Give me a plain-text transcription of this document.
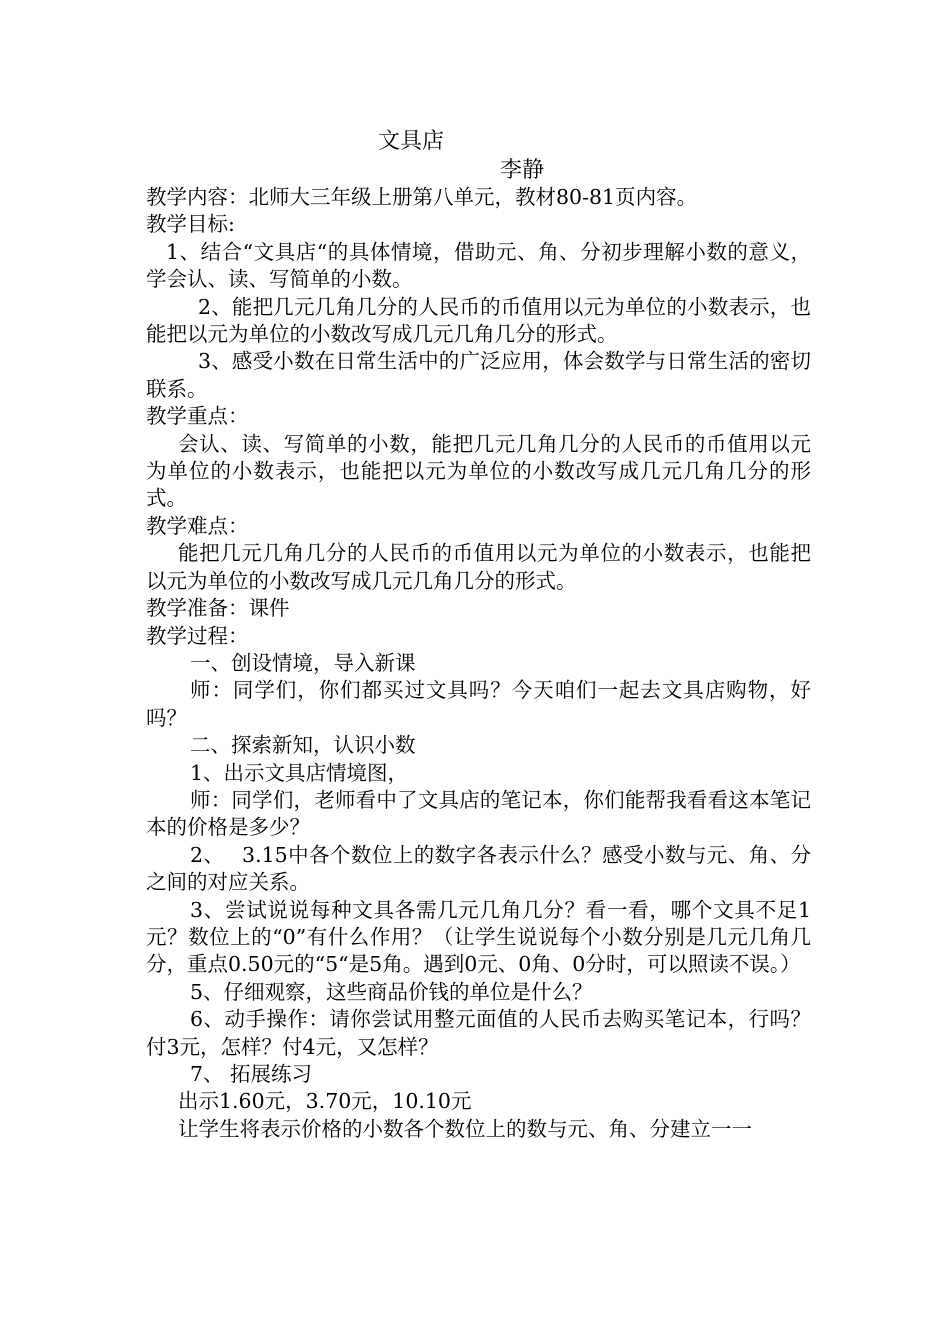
文具店
李静

教学内容：北师大三年级上册第八单元，教材80-81页内容。

教学目标:

1、结合“文具店“的具体情境，借助元、角、分初步理解小数的意义，学会认、读、写简单的小数。

2、能把几元几角几分的人民币的币值用以元为单位的小数表示，也能把以元为单位的小数改写成几元几角几分的形式。

3、感受小数在日常生活中的广泛应用，体会数学与日常生活的密切联系。

教学重点：

会认、读、写简单的小数，能把几元几角几分的人民币的币值用以元为单位的小数表示，也能把以元为单位的小数改写成几元几角几分的形式。

教学难点：

能把几元几角几分的人民币的币值用以元为单位的小数表示，也能把以元为单位的小数改写成几元几角几分的形式。

教学准备：课件

教学过程：

一、创设情境，导入新课

师：同学们，你们都买过文具吗？今天咱们一起去文具店购物，好吗？

二、探索新知，认识小数

1、出示文具店情境图，

师：同学们，老师看中了文具店的笔记本，你们能帮我看看这本笔记本的价格是多少？

2、　 3.15中各个数位上的数字各表示什么？感受小数与元、角、分之间的对应关系。

3、尝试说说每种文具各需几元几角几分？看一看，哪个文具不足1元？数位上的“0”有什么作用？（让学生说说每个小数分别是几元几角几分，重点0.50元的“5“是5角。遇到0元、0角、0分时，可以照读不误。）

5、仔细观察，这些商品价钱的单位是什么？

6、动手操作：请你尝试用整元面值的人民币去购买笔记本，行吗？付3元，怎样？付4元，又怎样？

7、 拓展练习

出示1.60元，3.70元，10.10元

让学生将表示价格的小数各个数位上的数与元、角、分建立一一
